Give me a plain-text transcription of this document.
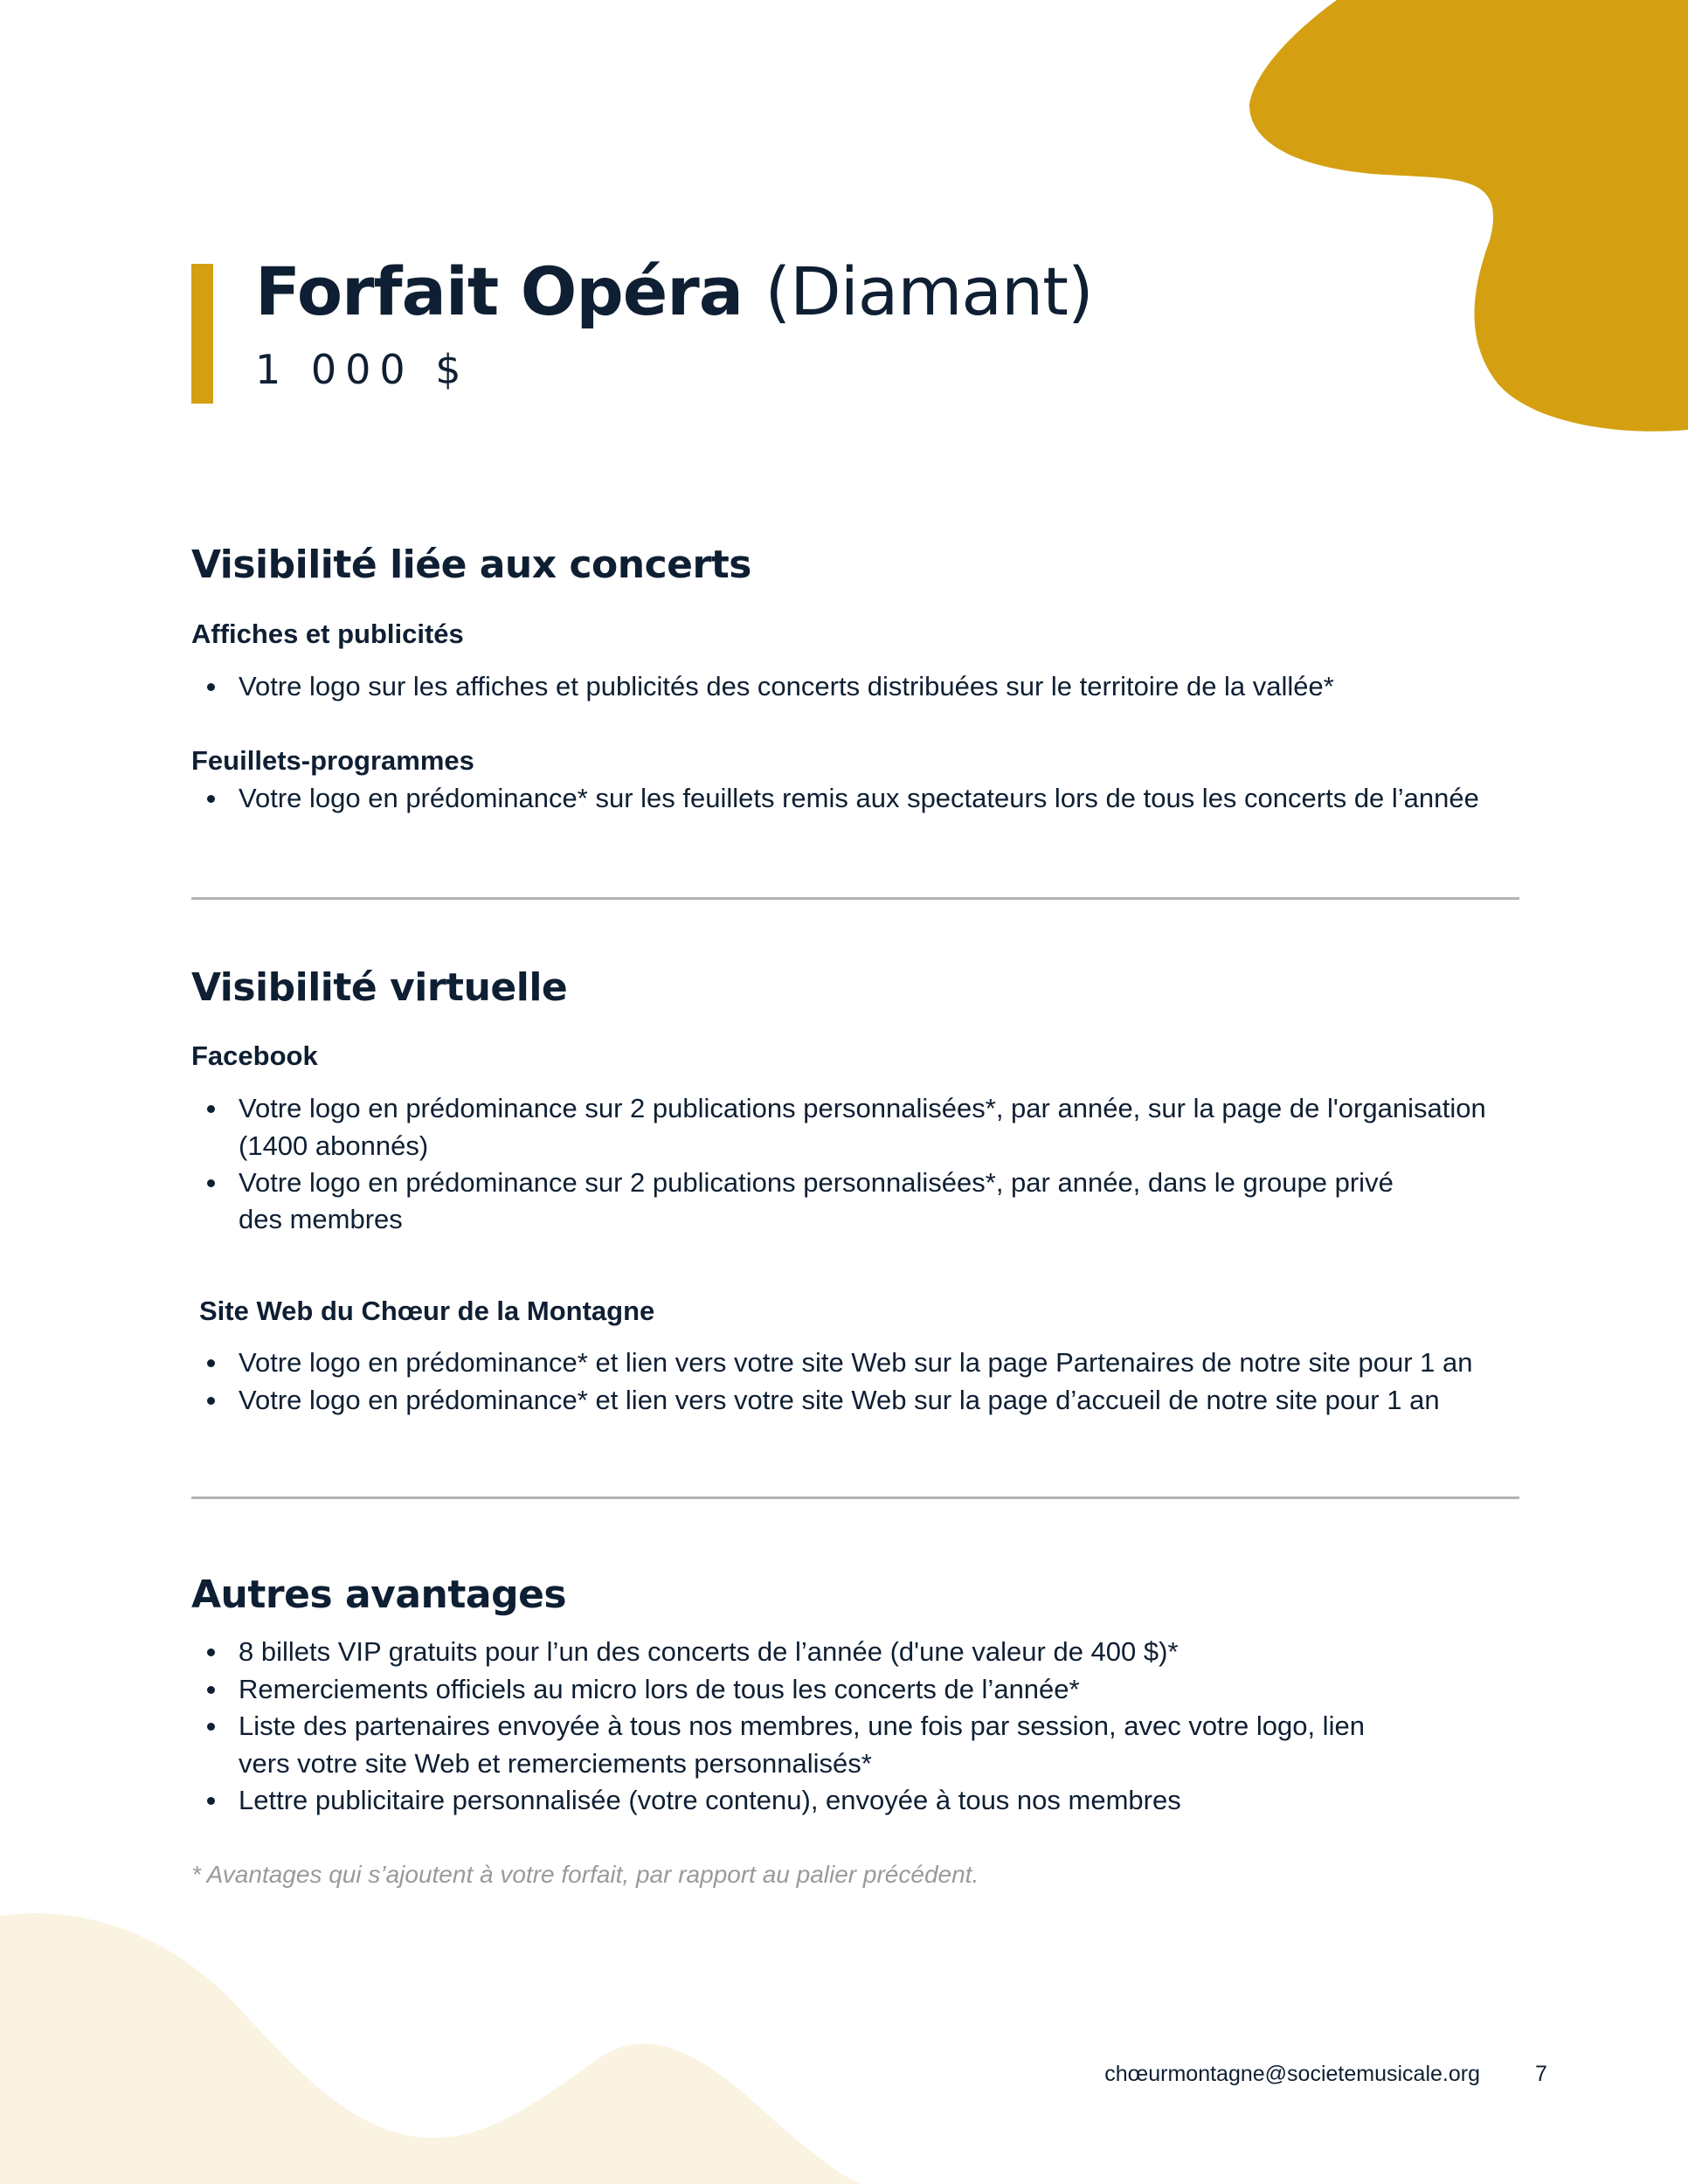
Forfait Opéra (Diamant)
1 000 $
Visibilité liée aux concerts
Affiches et publicités
Votre logo sur les affiches et publicités des concerts distribuées sur le territoire de la vallée*
Feuillets-programmes
Votre logo en prédominance* sur les feuillets remis aux spectateurs lors de tous les concerts de l’année
Visibilité virtuelle
Facebook
Votre logo en prédominance sur 2 publications personnalisées*, par année, sur la page de l'organisation (1400 abonnés)
Votre logo en prédominance sur 2 publications personnalisées*, par année, dans le groupe privé
des membres
Site Web du Chœur de la Montagne
Votre logo en prédominance* et lien vers votre site Web sur la page Partenaires de notre site pour 1 an
Votre logo en prédominance* et lien vers votre site Web sur la page d’accueil de notre site pour 1 an
Autres avantages
8 billets VIP gratuits pour l’un des concerts de l’année (d'une valeur de 400 $)*
Remerciements officiels au micro lors de tous les concerts de l’année*
Liste des partenaires envoyée à tous nos membres, une fois par session, avec votre logo, lien vers votre site Web et remerciements personnalisés*
Lettre publicitaire personnalisée (votre contenu), envoyée à tous nos membres
* Avantages qui s’ajoutent à votre forfait, par rapport au palier précédent.
chœurmontagne@societemusicale.org	7
